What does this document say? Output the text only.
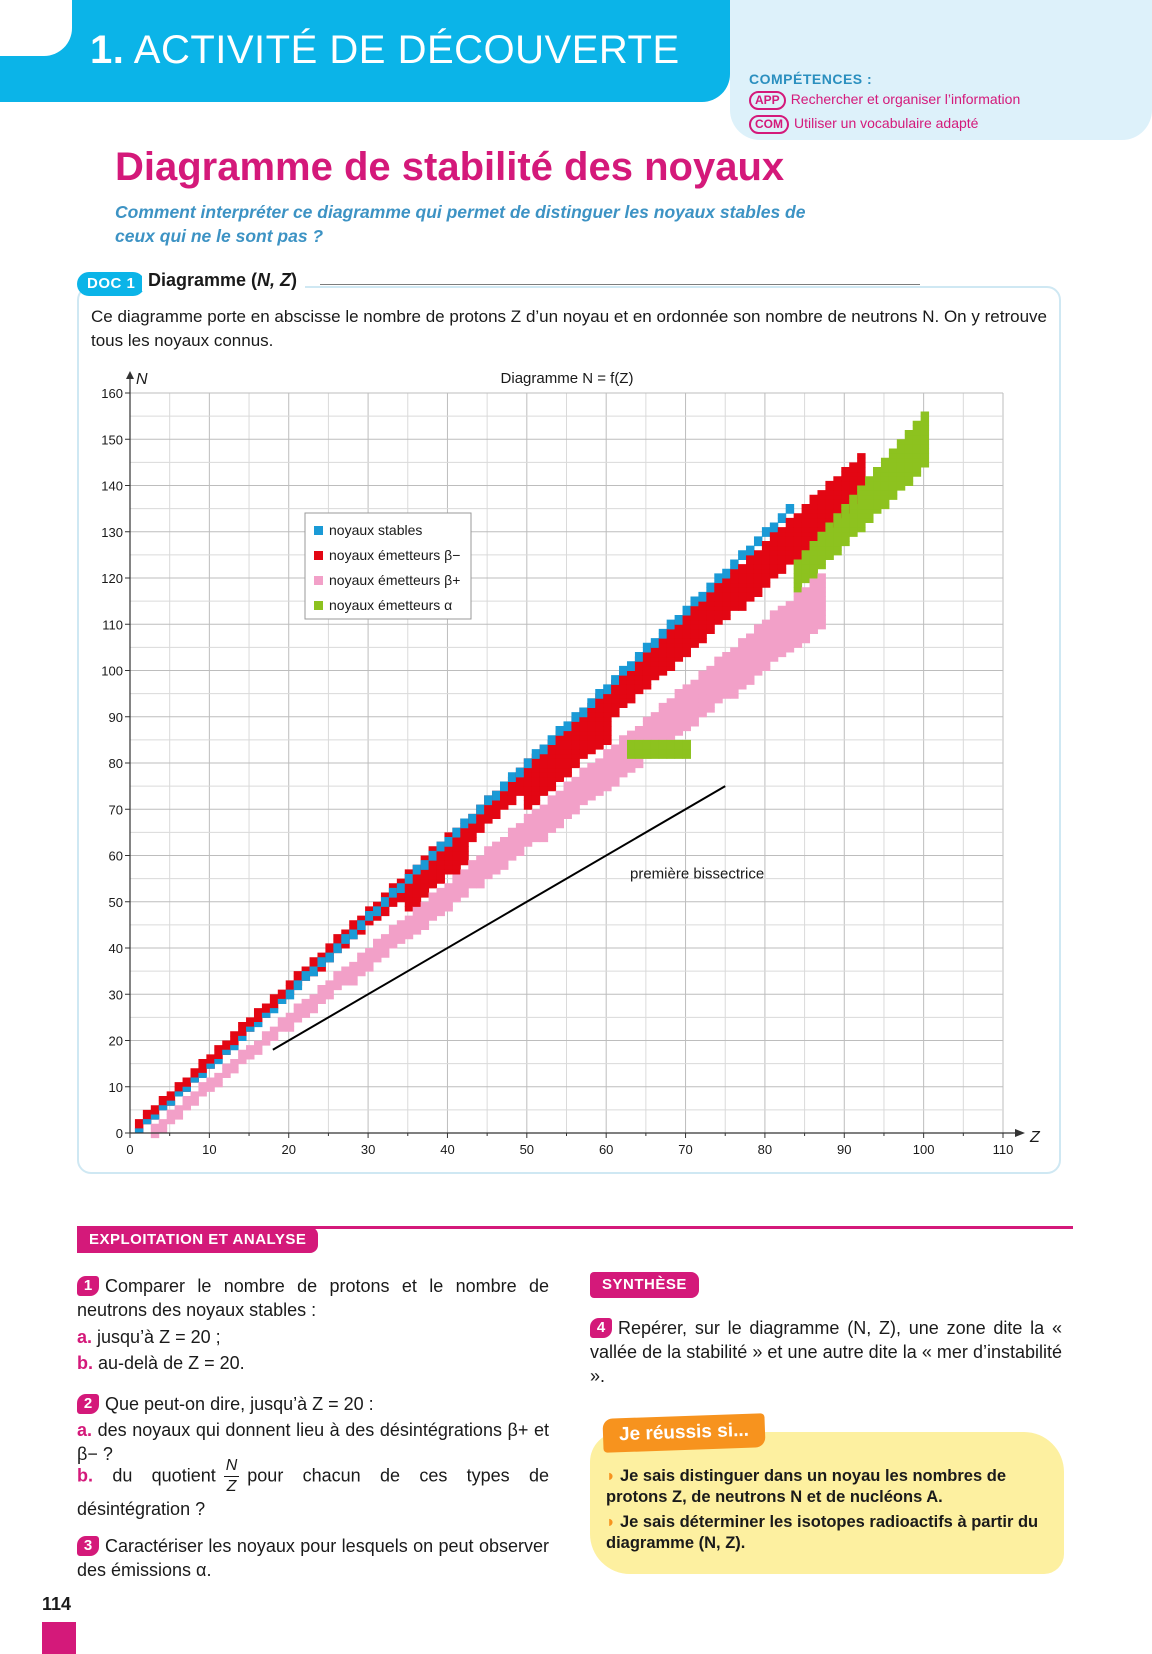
1. ACTIVITÉ DE DÉCOUVERTE
COMPÉTENCES :
APP Rechercher et organiser l’information
COM Utiliser un vocabulaire adapté
Diagramme de stabilité des noyaux
Comment interpréter ce diagramme qui permet de distinguer les noyaux stables de ceux qui ne le sont pas ?
DOC 1 Diagramme (N, Z)
Ce diagramme porte en abscisse le nombre de protons Z d’un noyau et en ordonnée son nombre de neutrons N. On y retrouve tous les noyaux connus.
première bissectrice
0	10	20	30	40	50	60	70	80	90	100	110
0
10
20
30
40
50
60
70
80
90
100
110
120
130
140
150
160
Diagramme N = f(Z)
Z
N
noyaux stables
noyaux émetteurs β−
noyaux émetteurs β+
noyaux émetteurs α
EXPLOITATION ET ANALYSE
1 Comparer le nombre de protons et le nombre de neutrons des noyaux stables :
a. jusqu’à Z = 20 ;
b. au-delà de Z = 20.
2 Que peut-on dire, jusqu’à Z = 20 :
a. des noyaux qui donnent lieu à des désintégrations β+ et β− ?
b. du quotient $\frac{N}{Z}$ pour chacun de ces types de désintégration ?
3 Caractériser les noyaux pour lesquels on peut observer des émissions α.
SYNTHÈSE
4 Repérer, sur le diagramme (N, Z), une zone dite la « vallée de la stabilité » et une autre dite la « mer d’instabilité ».
Je réussis si...
◗ Je sais distinguer dans un noyau les nombres de protons Z, de neutrons N et de nucléons A.
◗ Je sais déterminer les isotopes radioactifs à partir du diagramme (N, Z).
114
